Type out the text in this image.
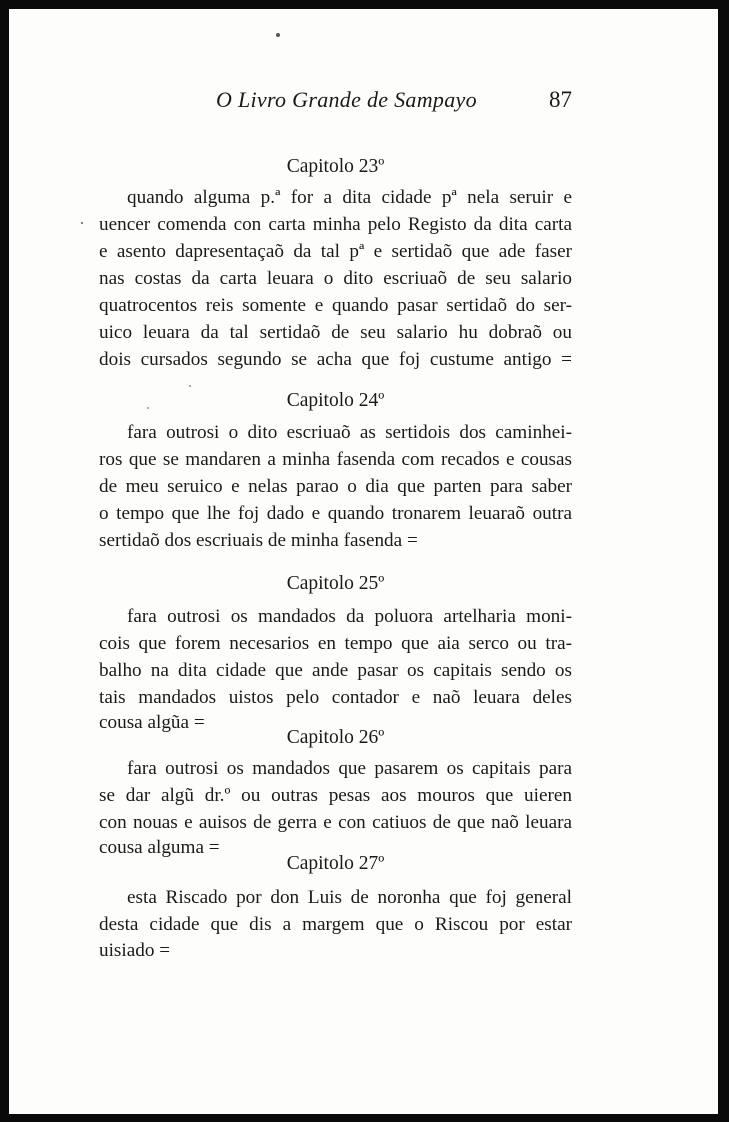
O Livro Grande de Sampayo	87
Capitolo 23º
quando alguma p.ª for a dita cidade pª nela seruir e
uencer comenda con carta minha pelo Registo da dita carta
e asento dapresentaçaõ da tal pª e sertidaõ que ade faser
nas costas da carta leuara o dito escriuaõ de seu salario
quatrocentos reis somente e quando pasar sertidaõ do ser-
uico leuara da tal sertidaõ de seu salario hu dobraõ ou
dois cursados segundo se acha que foj custume antigo =
Capitolo 24º
fara outrosi o dito escriuaõ as sertidois dos caminhei-
ros que se mandaren a minha fasenda com recados e cousas
de meu seruico e nelas parao o dia que parten para saber
o tempo que lhe foj dado e quando tronarem leuaraõ outra
sertidaõ dos escriuais de minha fasenda =
Capitolo 25º
fara outrosi os mandados da poluora artelharia moni-
cois que forem necesarios en tempo que aia serco ou tra-
balho na dita cidade que ande pasar os capitais sendo os
tais mandados uistos pelo contador e naõ leuara deles
cousa algũa =
Capitolo 26º
fara outrosi os mandados que pasarem os capitais para
se dar algũ dr.º ou outras pesas aos mouros que uieren
con nouas e auisos de gerra e con catiuos de que naõ leuara
cousa alguma =
Capitolo 27º
esta Riscado por don Luis de noronha que foj general
desta cidade que dis a margem que o Riscou por estar
uisiado =
